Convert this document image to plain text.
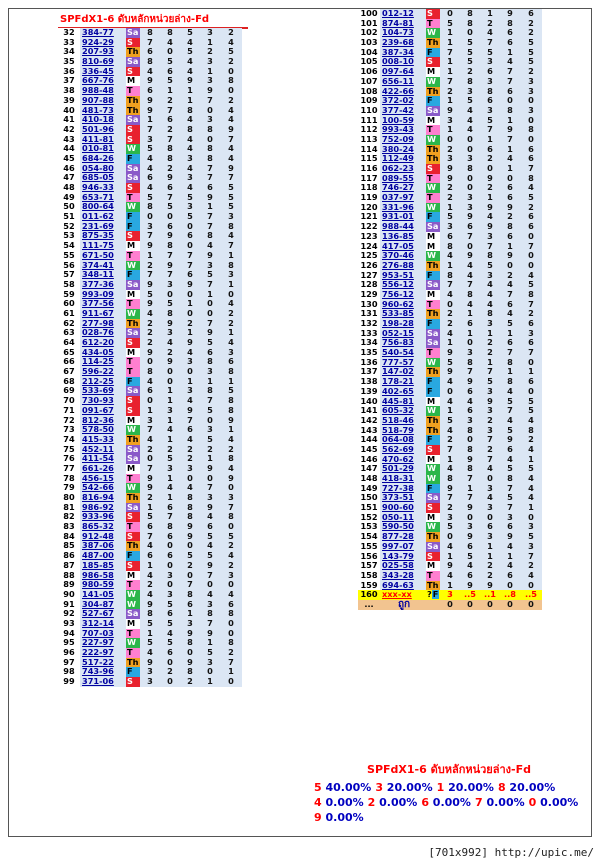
SPFdX1-6 ดับหลักหน่วยล่าง-Fd
32	384-77	Sa	8	8	5	3	2
33	924-29	S	7	4	4	1	4
34	207-93	Th	6	0	5	2	5
35	810-69	Sa	8	5	4	3	2
36	336-45	S	4	6	4	1	0
37	667-76	M	9	5	9	3	8
38	988-48	T	6	1	1	9	0
39	907-88	Th	9	2	1	7	2
40	481-73	Th	9	7	8	0	4
41	410-18	Sa	1	6	4	3	4
42	501-96	S	7	2	8	8	9
43	411-81	S	3	7	4	0	7
44	010-81	W	5	8	4	8	4
45	684-26	F	4	8	3	8	4
46	054-80	Sa	4	2	4	7	9
47	685-05	Sa	6	9	3	7	7
48	946-33	S	4	6	4	6	5
49	653-71	T	5	7	5	9	5
50	800-64	W	8	5	3	1	5
51	011-62	F	0	0	5	7	3
52	231-69	F	3	6	0	7	8
53	875-35	S	7	9	6	8	4
54	111-75	M	9	8	0	4	7
55	671-50	T	1	7	7	9	1
56	374-41	W	2	9	7	3	8
57	348-11	F	7	7	6	5	3
58	377-36	Sa	9	3	9	7	1
59	993-09	M	5	0	0	1	0
60	377-56	T	9	5	1	0	4
61	911-67	W	4	8	0	0	2
62	277-98	Th	2	9	2	7	2
63	028-76	Sa	2	3	1	9	1
64	612-20	S	2	4	9	5	4
65	434-05	M	9	2	4	6	3
66	114-25	T	0	9	3	8	6
67	596-22	T	8	0	0	3	8
68	212-25	F	4	0	1	1	1
69	533-69	Sa	6	1	3	8	5
70	730-93	S	0	1	4	7	8
71	091-67	S	1	3	9	5	8
72	812-36	M	3	1	7	0	9
73	578-50	W	7	4	6	3	1
74	415-33	Th	4	1	4	5	4
75	452-11	Sa	2	2	2	2	2
76	411-54	Sa	0	5	2	1	8
77	661-26	M	7	3	3	9	4
78	456-15	T	9	1	0	0	9
79	542-66	W	9	4	4	7	0
80	816-94	Th	2	1	8	3	3
81	986-92	Sa	1	6	8	9	7
82	933-96	S	5	7	8	4	8
83	865-32	T	6	8	9	6	0
84	912-48	S	7	6	9	5	5
85	387-06	Th	4	0	0	4	2
86	487-00	F	6	6	5	5	4
87	185-85	S	1	0	2	9	2
88	986-58	M	4	3	0	7	3
89	980-59	T	2	0	7	0	0
90	141-05	W	4	3	8	4	4
91	304-87	W	9	5	6	3	6
92	527-67	Sa	8	6	1	8	8
93	312-14	M	5	5	3	7	0
94	707-03	T	1	4	9	9	0
95	227-97	W	5	5	8	1	8
96	222-97	T	4	6	0	5	2
97	517-22	Th	9	0	9	3	7
98	743-96	F	3	2	8	0	1
99	371-06	S	3	0	2	1	0
100	012-12	S	0	8	1	9	6
101	874-81	T	5	8	2	8	2
102	104-73	W	1	0	4	6	2
103	239-68	Th	1	5	7	6	5
104	387-34	F	7	5	5	1	5
105	008-10	S	1	5	3	4	5
106	097-64	M	1	2	6	7	2
107	656-11	W	7	8	3	7	3
108	422-66	Th	2	3	8	6	3
109	372-02	F	1	5	6	0	0
110	377-42	Sa	9	4	3	8	3
111	100-59	M	3	4	5	1	0
112	993-43	T	1	4	7	9	8
113	752-09	W	0	0	1	7	0
114	380-24	Th	2	0	6	1	6
115	112-49	Th	3	3	2	4	6
116	062-23	S	9	8	0	1	7
117	089-55	T	9	0	9	0	8
118	746-27	W	2	0	2	6	4
119	037-97	T	2	3	1	6	5
120	331-96	W	1	3	9	9	2
121	931-01	F	5	9	4	2	6
122	988-44	Sa	3	6	9	8	6
123	136-85	M	6	7	3	6	0
124	417-05	M	8	0	7	1	7
125	370-46	W	4	9	8	9	0
126	276-88	Th	1	4	5	0	0
127	953-51	F	8	4	3	2	4
128	556-12	Sa	7	7	4	4	5
129	756-12	M	4	8	4	7	8
130	960-62	T	0	4	4	6	7
131	533-85	Th	2	1	8	4	2
132	198-28	F	2	6	3	5	6
133	052-15	Sa	4	1	1	1	3
134	756-83	Sa	1	0	2	6	6
135	540-54	T	9	3	2	7	7
136	777-57	W	5	8	1	8	0
137	147-02	Th	9	7	7	1	1
138	178-21	F	4	9	5	8	6
139	402-65	F	0	6	3	4	0
140	445-81	M	4	4	9	5	5
141	605-32	W	1	6	3	7	5
142	518-46	Th	5	3	2	4	4
143	518-79	Th	4	8	3	5	8
144	064-08	F	2	0	7	9	2
145	562-69	S	7	8	2	6	4
146	470-62	M	1	9	7	4	1
147	501-29	W	4	8	4	5	5
148	418-31	W	8	7	0	8	4
149	727-38	F	9	1	3	7	4
150	373-51	Sa	7	7	4	5	4
151	900-60	S	2	9	3	7	1
152	050-11	M	3	0	0	3	0
153	590-50	W	5	3	6	6	3
154	877-28	Th	0	9	3	9	5
155	997-07	Sa	4	6	1	4	3
156	143-79	S	1	5	1	1	7
157	025-58	M	9	4	2	4	2
158	343-28	T	4	6	2	6	4
159	694-63	Th	1	9	9	0	0
160	xxx-xx	?F	3	..5	..1	..8	..5
...	ถูก		0	0	0	0	0
SPFdX1-6 ดับหลักหน่วยล่าง-Fd
5 40.00% 3 20.00% 1 20.00% 8 20.00%
4 0.00% 2 0.00% 6 0.00% 7 0.00% 0 0.00%
9 0.00%
[701x992] http://upic.me/
